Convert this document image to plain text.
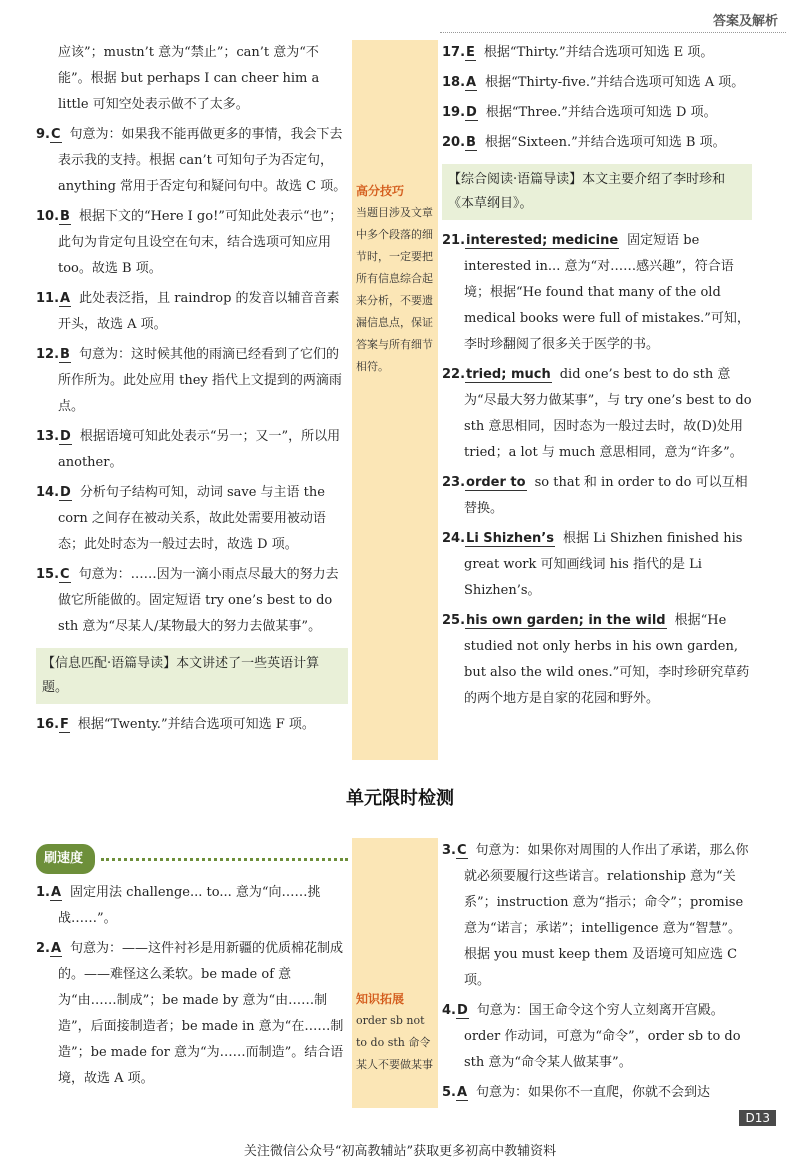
答案及解析
应该”；mustn’t 意为“禁止”；can’t 意为“不能”。根据 but perhaps I can cheer him a little 可知空处表示做不了太多。
9.C 句意为：如果我不能再做更多的事情，我会下去表示我的支持。根据 can’t 可知句子为否定句，anything 常用于否定句和疑问句中。故选 C 项。
10.B 根据下文的“Here I go!”可知此处表示“也”；此句为肯定句且设空在句末，结合选项可知应用 too。故选 B 项。
11.A 此处表泛指，且 raindrop 的发音以辅音音素开头，故选 A 项。
12.B 句意为：这时候其他的雨滴已经看到了它们的所作所为。此处应用 they 指代上文提到的两滴雨点。
13.D 根据语境可知此处表示“另一；又一”，所以用 another。
14.D 分析句子结构可知，动词 save 与主语 the corn 之间存在被动关系，故此处需要用被动语态；此处时态为一般过去时，故选 D 项。
15.C 句意为：……因为一滴小雨点尽最大的努力去做它所能做的。固定短语 try one’s best to do sth 意为“尽某人/某物最大的努力去做某事”。
【信息匹配·语篇导读】本文讲述了一些英语计算题。
16.F 根据“Twenty.”并结合选项可知选 F 项。
高分技巧
当题目涉及文章中多个段落的细节时，一定要把所有信息综合起来分析，不要遗漏信息点，保证答案与所有细节相符。
17.E 根据“Thirty.”并结合选项可知选 E 项。
18.A 根据“Thirty-five.”并结合选项可知选 A 项。
19.D 根据“Three.”并结合选项可知选 D 项。
20.B 根据“Sixteen.”并结合选项可知选 B 项。
【综合阅读·语篇导读】本文主要介绍了李时珍和《本草纲目》。
21.interested; medicine 固定短语 be interested in... 意为“对……感兴趣”，符合语境；根据“He found that many of the old medical books were full of mistakes.”可知，李时珍翻阅了很多关于医学的书。
22.tried; much did one’s best to do sth 意为“尽最大努力做某事”，与 try one’s best to do sth 意思相同，因时态为一般过去时，故(D)处用 tried；a lot 与 much 意思相同，意为“许多”。
23.order to so that 和 in order to do 可以互相替换。
24.Li Shizhen’s 根据 Li Shizhen finished his great work 可知画线词 his 指代的是 Li Shizhen’s。
25.his own garden; in the wild 根据“He studied not only herbs in his own garden, but also the wild ones.”可知，李时珍研究草药的两个地方是自家的花园和野外。
单元限时检测
刷速度
1.A 固定用法 challenge... to... 意为“向……挑战……”。
2.A 句意为：——这件衬衫是用新疆的优质棉花制成的。——难怪这么柔软。be made of 意为“由……制成”；be made by 意为“由……制造”，后面接制造者；be made in 意为“在……制造”；be made for 意为“为……而制造”。结合语境，故选 A 项。
知识拓展
order sb not to do sth 命令某人不要做某事
3.C 句意为：如果你对周围的人作出了承诺，那么你就必须要履行这些诺言。relationship 意为“关系”；instruction 意为“指示；命令”；promise 意为“诺言；承诺”；intelligence 意为“智慧”。根据 you must keep them 及语境可知应选 C 项。
4.D 句意为：国王命令这个穷人立刻离开宫殿。order 作动词，可意为“命令”，order sb to do sth 意为“命令某人做某事”。
5.A 句意为：如果你不一直爬，你就不会到达
D13
关注微信公众号“初高教辅站”获取更多初高中教辅资料
